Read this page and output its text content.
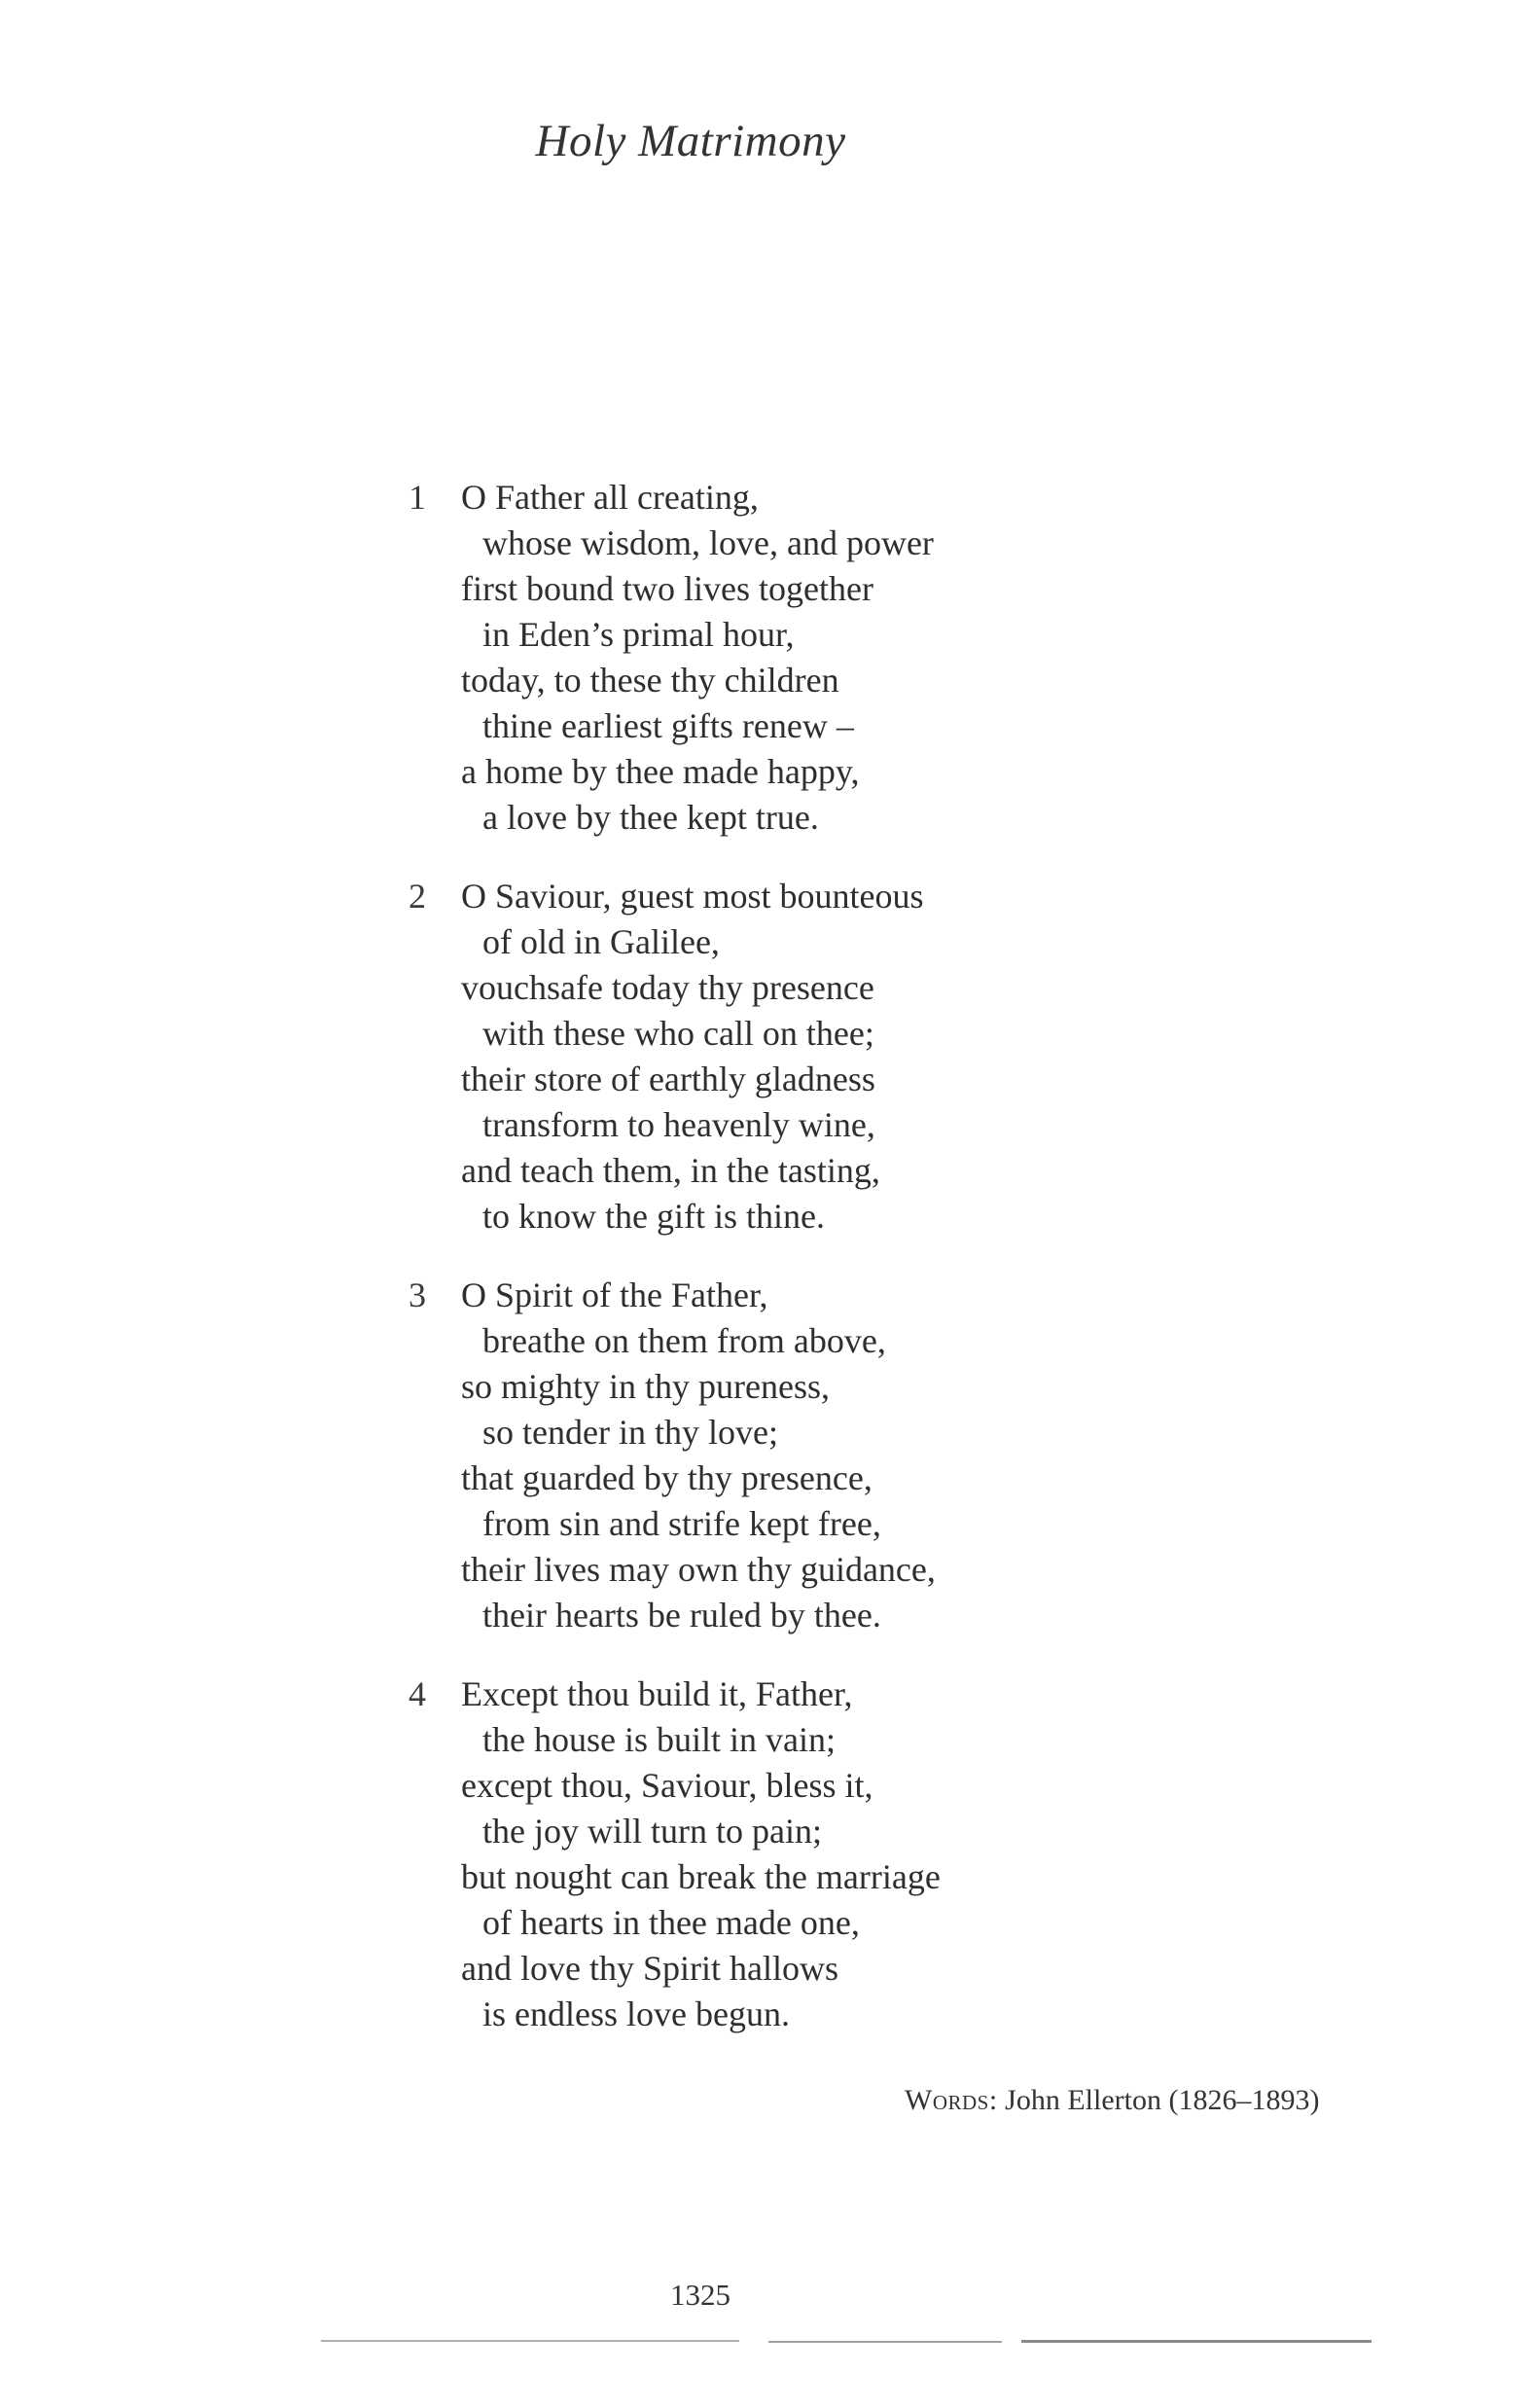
Holy Matrimony
1	O Father all creating,
whose wisdom, love, and power
first bound two lives together
in Eden’s primal hour,
today, to these thy children
thine earliest gifts renew –
a home by thee made happy,
a love by thee kept true.
2	O Saviour, guest most bounteous
of old in Galilee,
vouchsafe today thy presence
with these who call on thee;
their store of earthly gladness
transform to heavenly wine,
and teach them, in the tasting,
to know the gift is thine.
3	O Spirit of the Father,
breathe on them from above,
so mighty in thy pureness,
so tender in thy love;
that guarded by thy presence,
from sin and strife kept free,
their lives may own thy guidance,
their hearts be ruled by thee.
4	Except thou build it, Father,
the house is built in vain;
except thou, Saviour, bless it,
the joy will turn to pain;
but nought can break the marriage
of hearts in thee made one,
and love thy Spirit hallows
is endless love begun.
Words: John Ellerton (1826–1893)
1325
